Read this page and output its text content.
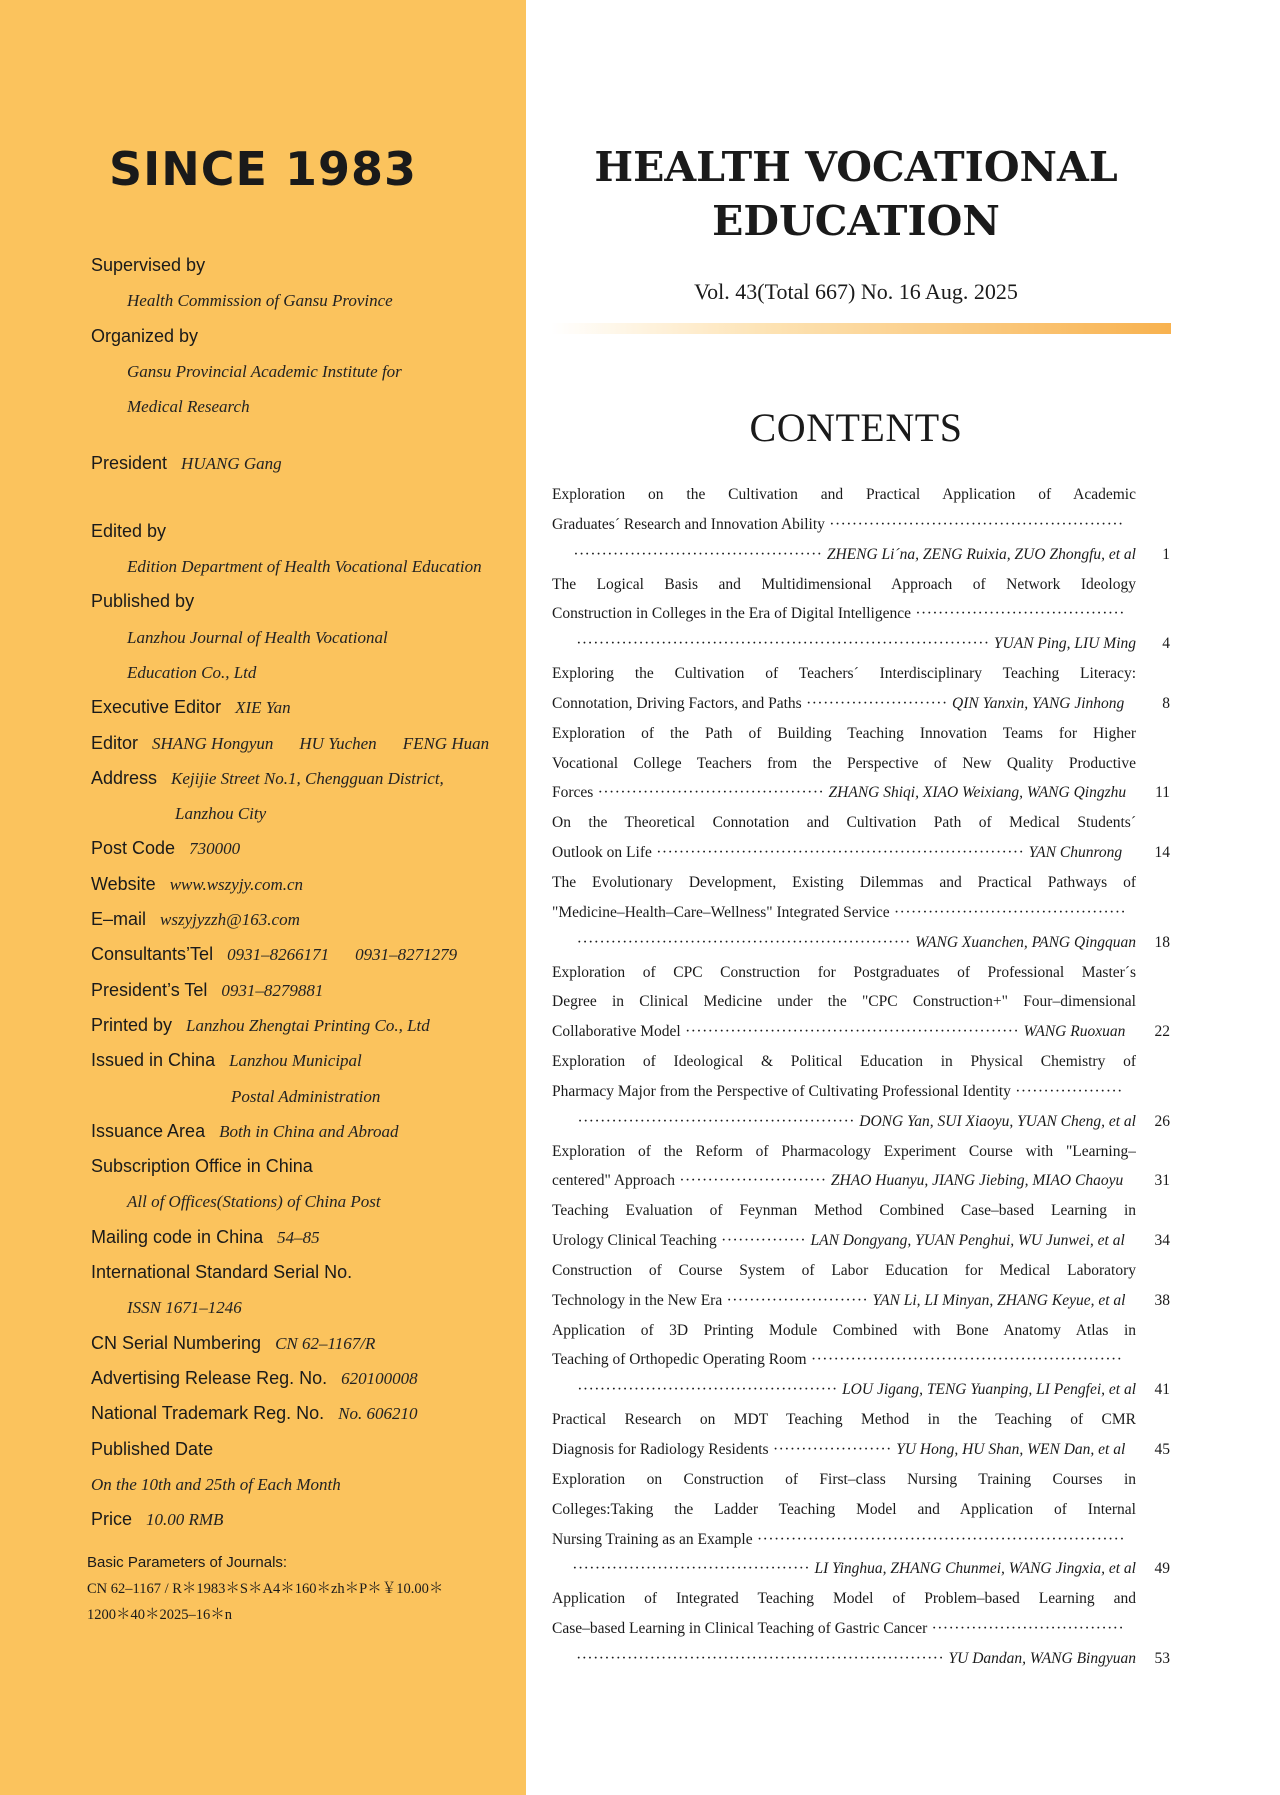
SINCE 1983
Supervised by
Health Commission of Gansu Province
Organized by
Gansu Provincial Academic Institute for
Medical Research
President HUANG Gang
Edited by
Edition Department of Health Vocational Education
Published by
Lanzhou Journal of Health Vocational
Education Co., Ltd
Executive Editor XIE Yan
Editor SHANG Hongyun HU Yuchen FENG Huan
Address Kejijie Street No.1, Chengguan District,
Lanzhou City
Post Code 730000
Website www.wszyjy.com.cn
E–mail wszyjyzzh@163.com
Consultants’Tel 0931–8266171 0931–8271279
President’s Tel 0931–8279881
Printed by Lanzhou Zhengtai Printing Co., Ltd
Issued in China Lanzhou Municipal
Postal Administration
Issuance Area Both in China and Abroad
Subscription Office in China
All of Offices(Stations) of China Post
Mailing code in China 54–85
International Standard Serial No.
ISSN 1671–1246
CN Serial Numbering CN 62–1167/R
Advertising Release Reg. No. 620100008
National Trademark Reg. No. No. 606210
Published Date
On the 10th and 25th of Each Month
Price 10.00 RMB
Basic Parameters of Journals:
CN 62–1167 / R＊1983＊S＊A4＊160＊zh＊P＊￥10.00＊
1200＊40＊2025–16＊n
HEALTH VOCATIONAL
EDUCATION
Vol. 43(Total 667) No. 16 Aug. 2025
CONTENTS
Exploration on the Cultivation and Practical Application of Academic
Graduates´ Research and Innovation Ability ····················································
············································ ZHENG Li´na, ZENG Ruixia, ZUO Zhongfu, et al	1
The Logical Basis and Multidimensional Approach of Network Ideology
Construction in Colleges in the Era of Digital Intelligence ·····································
········································································· YUAN Ping, LIU Ming	4
Exploring the Cultivation of Teachers´ Interdisciplinary Teaching Literacy:
Connotation, Driving Factors, and Paths ························· QIN Yanxin, YANG Jinhong	8
Exploration of the Path of Building Teaching Innovation Teams for Higher
Vocational College Teachers from the Perspective of New Quality Productive
Forces ········································ ZHANG Shiqi, XIAO Weixiang, WANG Qingzhu	11
On the Theoretical Connotation and Cultivation Path of Medical Students´
Outlook on Life ································································· YAN Chunrong	14
The Evolutionary Development, Existing Dilemmas and Practical Pathways of
"Medicine–Health–Care–Wellness" Integrated Service ·········································
··························································· WANG Xuanchen, PANG Qingquan	18
Exploration of CPC Construction for Postgraduates of Professional Master´s
Degree in Clinical Medicine under the "CPC Construction+" Four–dimensional
Collaborative Model ··························································· WANG Ruoxuan	22
Exploration of Ideological & Political Education in Physical Chemistry of
Pharmacy Major from the Perspective of Cultivating Professional Identity ···················
················································· DONG Yan, SUI Xiaoyu, YUAN Cheng, et al	26
Exploration of the Reform of Pharmacology Experiment Course with "Learning–
centered" Approach ·························· ZHAO Huanyu, JIANG Jiebing, MIAO Chaoyu	31
Teaching Evaluation of Feynman Method Combined Case–based Learning in
Urology Clinical Teaching ··············· LAN Dongyang, YUAN Penghui, WU Junwei, et al	34
Construction of Course System of Labor Education for Medical Laboratory
Technology in the New Era ························· YAN Li, LI Minyan, ZHANG Keyue, et al	38
Application of 3D Printing Module Combined with Bone Anatomy Atlas in
Teaching of Orthopedic Operating Room ·······················································
·············································· LOU Jigang, TENG Yuanping, LI Pengfei, et al	41
Practical Research on MDT Teaching Method in the Teaching of CMR
Diagnosis for Radiology Residents ····················· YU Hong, HU Shan, WEN Dan, et al	45
Exploration on Construction of First–class Nursing Training Courses in
Colleges:Taking the Ladder Teaching Model and Application of Internal
Nursing Training as an Example ·································································
·········································· LI Yinghua, ZHANG Chunmei, WANG Jingxia, et al	49
Application of Integrated Teaching Model of Problem–based Learning and
Case–based Learning in Clinical Teaching of Gastric Cancer ··································
································································· YU Dandan, WANG Bingyuan	53
